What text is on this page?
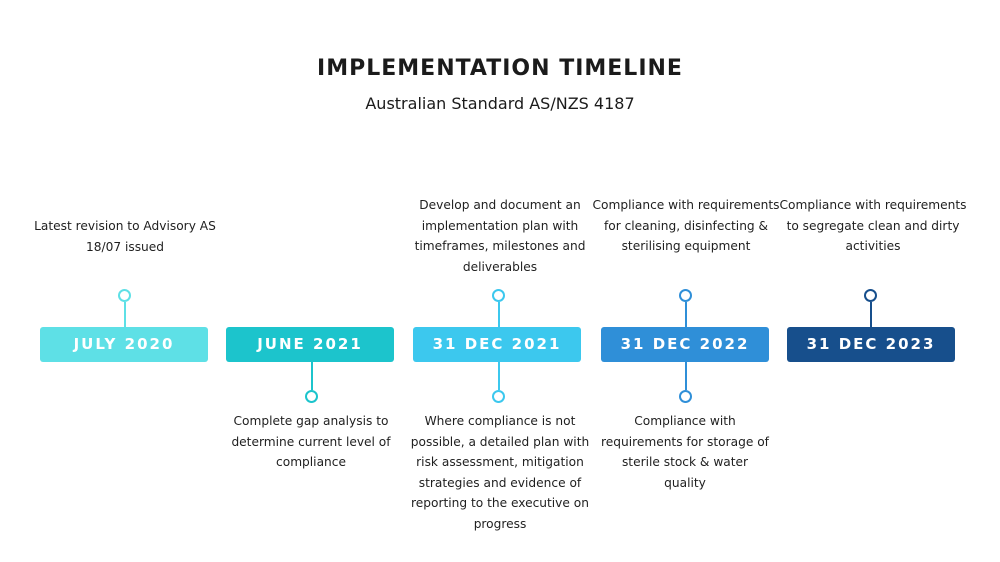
IMPLEMENTATION TIMELINE
Australian Standard AS/NZS 4187
Latest revision to Advisory AS 18/07 issued
JULY 2020	JUNE 2021
Complete gap analysis to determine current level of compliance
Develop and document an implementation plan with timeframes, milestones and deliverables
31 DEC 2021
Where compliance is not possible, a detailed plan with risk assessment, mitigation strategies and evidence of reporting to the executive on progress
Compliance with requirements for cleaning, disinfecting & sterilising equipment
31 DEC 2022
Compliance with requirements for storage of sterile stock & water quality
Compliance with requirements to segregate clean and dirty activities
31 DEC 2023
